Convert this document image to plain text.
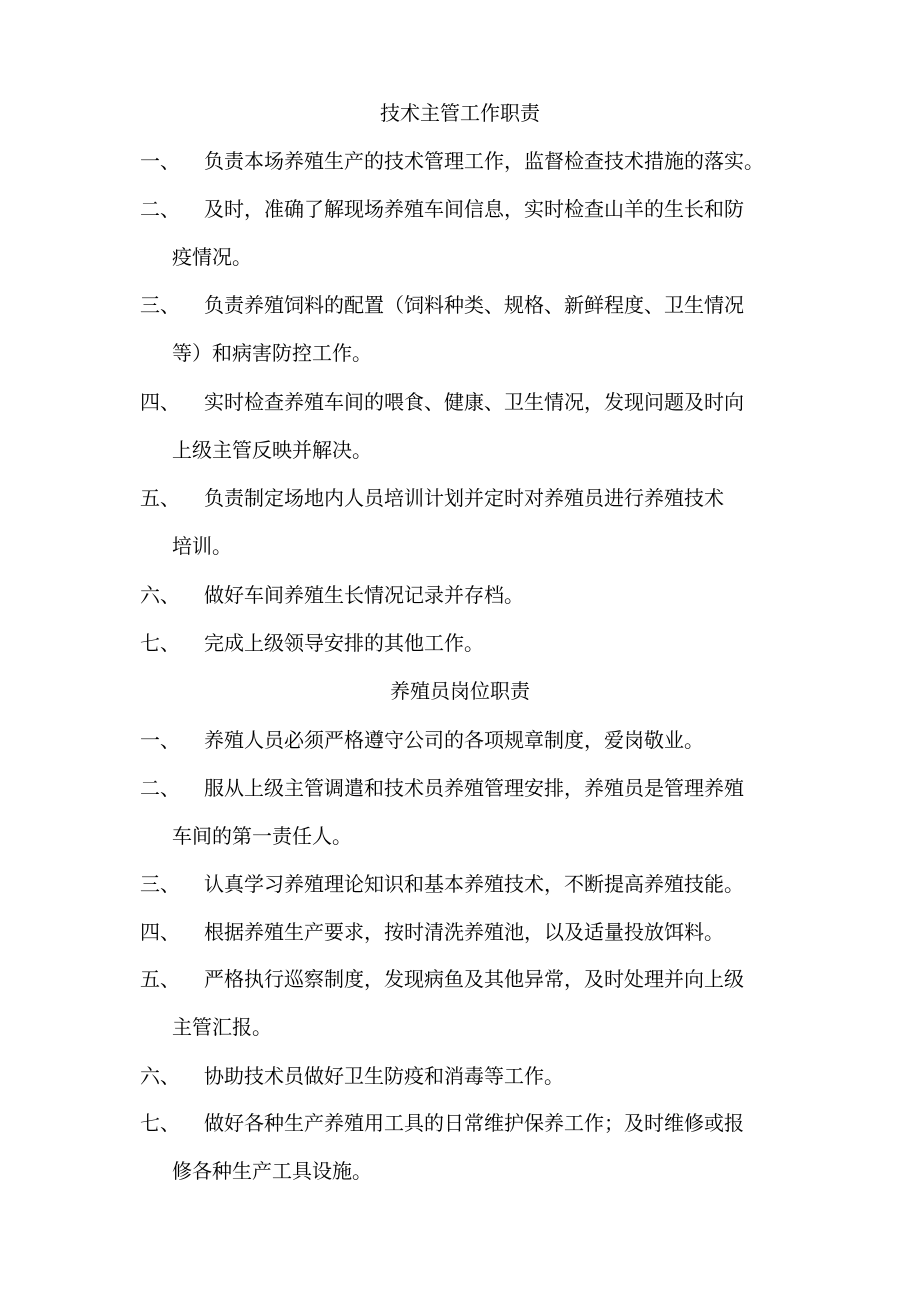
技术主管工作职责
一、	负责本场养殖生产的技术管理工作，监督检查技术措施的落实。
二、	及时，准确了解现场养殖车间信息，实时检查山羊的生长和防
疫情况。
三、	负责养殖饲料的配置（饲料种类、规格、新鲜程度、卫生情况
等）和病害防控工作。
四、	实时检查养殖车间的喂食、健康、卫生情况，发现问题及时向
上级主管反映并解决。
五、	负责制定场地内人员培训计划并定时对养殖员进行养殖技术
培训。
六、	做好车间养殖生长情况记录并存档。
七、	完成上级领导安排的其他工作。
养殖员岗位职责
一、	养殖人员必须严格遵守公司的各项规章制度，爱岗敬业。
二、	服从上级主管调遣和技术员养殖管理安排，养殖员是管理养殖
车间的第一责任人。
三、	认真学习养殖理论知识和基本养殖技术，不断提高养殖技能。
四、	根据养殖生产要求，按时清洗养殖池，以及适量投放饵料。
五、	严格执行巡察制度，发现病鱼及其他异常，及时处理并向上级
主管汇报。
六、	协助技术员做好卫生防疫和消毒等工作。
七、	做好各种生产养殖用工具的日常维护保养工作；及时维修或报
修各种生产工具设施。
